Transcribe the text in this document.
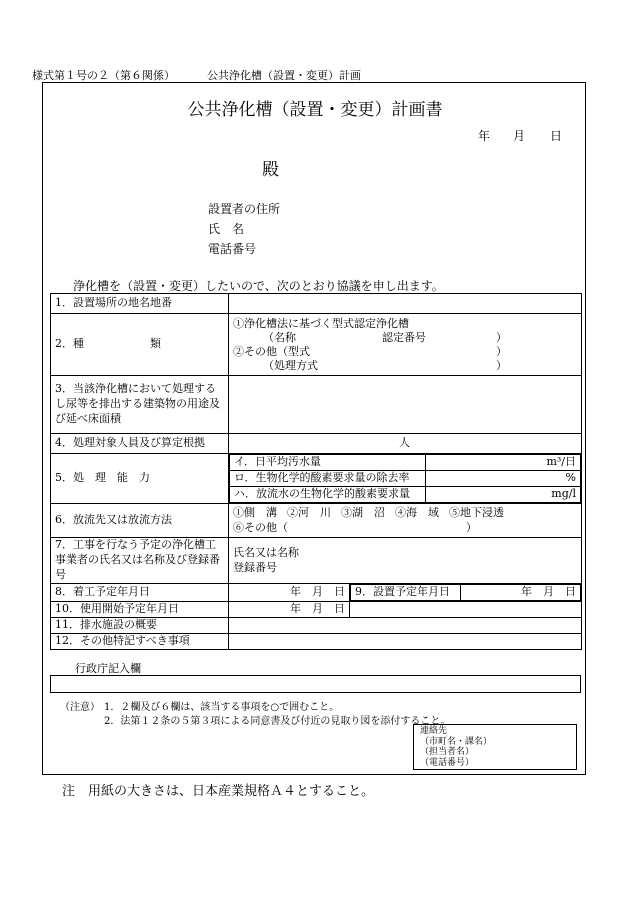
様式第１号の２（第６関係）	公共浄化槽（設置・変更）計画
公共浄化槽（設置・変更）計画書
年 月 日
殿
設置者の住所
氏　名
電話番号
浄化槽を（設置・変更）したいので、次のとおり協議を申し出ます。
1．設置場所の地名地番	
2．種　　　　　　類	
①浄化槽法に基づく型式認定浄化槽
（名称	認定番号	）
②その他（型式	）
（処理方式	）

3．当該浄化槽において処理するし尿等を排出する建築物の用途及び延べ床面積	
4．処理対象人員及び算定根拠	人
5．処　理　能　力	
イ．日平均汚水量	m³/日
ロ．生物化学的酸素要求量の除去率	%
ハ．放流水の生物化学的酸素要求量	mg/l

6．放流先又は放流方法	
①側　溝 ②河　川 ③湖　沼 ④海　域 ⑤地下浸透
⑥その他（	）

7．工事を行なう予定の浄化槽工事業者の氏名又は名称及び登録番号	
氏名又は名称
登録番号

8．着工予定年月日	年　月　日	9．設置予定年月日	年　月　日

10．使用開始予定年月日	年　月　日	
11．排水施設の概要	
12．その他特記すべき事項	
行政庁記入欄
（注意） 1．２欄及び６欄は、該当する事項を○で囲むこと。
2．法第１２条の５第３項による同意書及び付近の見取り図を添付すること。
連絡先
（市町名・課名）
（担当者名）
（電話番号）
注　用紙の大きさは、日本産業規格Ａ４とすること。
